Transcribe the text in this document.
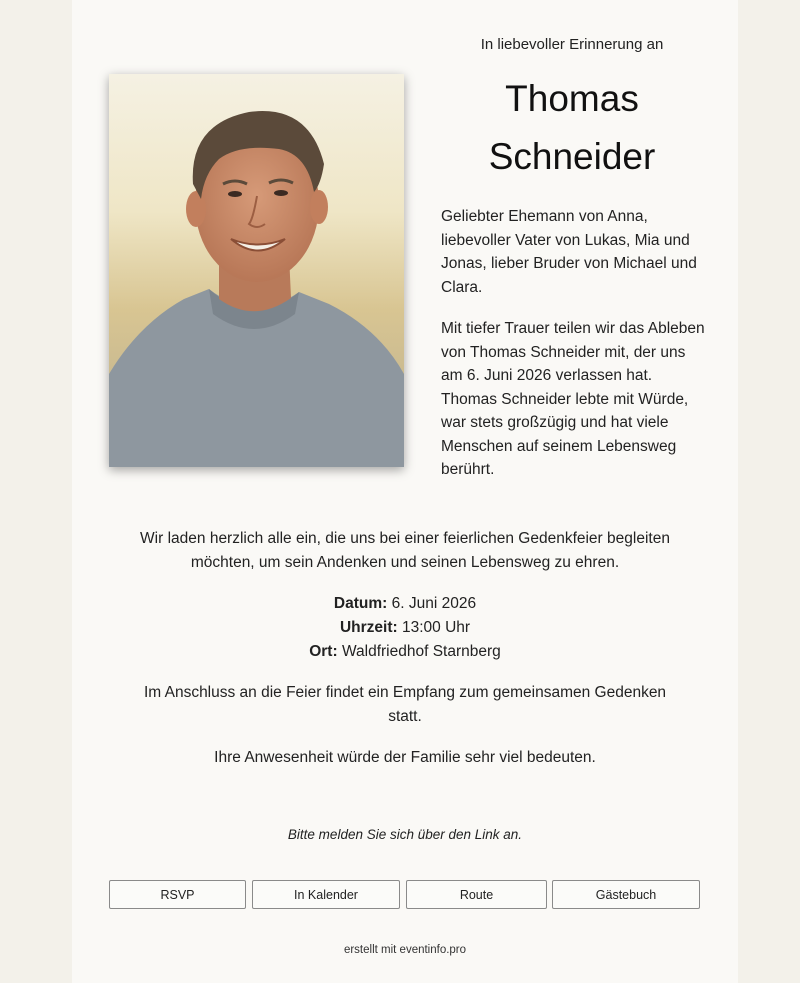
In liebevoller Erinnerung an
Thomas
Schneider

Geliebter Ehemann von Anna, liebevoller Vater von Lukas, Mia und Jonas, lieber Bruder von Michael und Clara.

Mit tiefer Trauer teilen wir das Ableben von Thomas Schneider mit, der uns am 6. Juni 2026 verlassen hat. Thomas Schneider lebte mit Würde, war stets großzügig und hat viele Menschen auf seinem Lebensweg berührt.

Wir laden herzlich alle ein, die uns bei einer feierlichen Gedenkfeier begleiten möchten, um sein Andenken und seinen Lebensweg zu ehren.
Datum: 6. Juni 2026
Uhrzeit: 13:00 Uhr
Ort: Waldfriedhof Starnberg
Im Anschluss an die Feier findet ein Empfang zum gemeinsamen Gedenken statt.
Ihre Anwesenheit würde der Familie sehr viel bedeuten.
Bitte melden Sie sich über den Link an.
RSVP	In Kalender	Route	Gästebuch
erstellt mit eventinfo.pro
